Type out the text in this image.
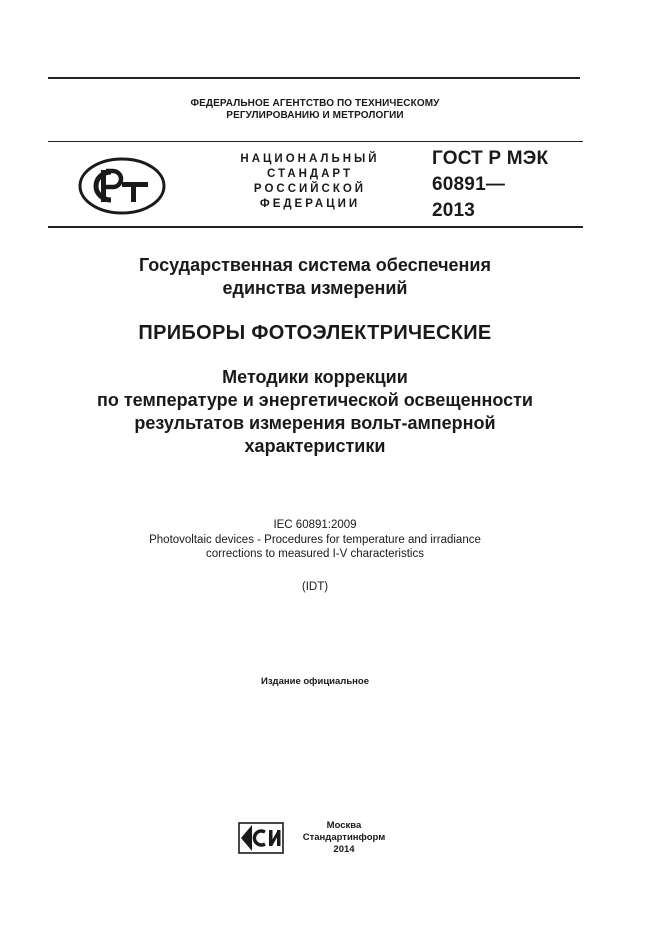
ФЕДЕРАЛЬНОЕ АГЕНТСТВО ПО ТЕХНИЧЕСКОМУ
РЕГУЛИРОВАНИЮ И МЕТРОЛОГИИ
НАЦИОНАЛЬНЫЙ
СТАНДАРТ
РОССИЙСКОЙ
ФЕДЕРАЦИИ
ГОСТ Р МЭК
60891—
2013
Государственная система обеспечения
единства измерений
ПРИБОРЫ ФОТОЭЛЕКТРИЧЕСКИЕ
Методики коррекции
по температуре и энергетической освещенности
результатов измерения вольт-амперной
характеристики
IEC 60891:2009
Photovoltaic devices - Procedures for temperature and irradiance
corrections to measured I-V characteristics
(IDT)
Издание официальное
Москва
Стандартинформ
2014
